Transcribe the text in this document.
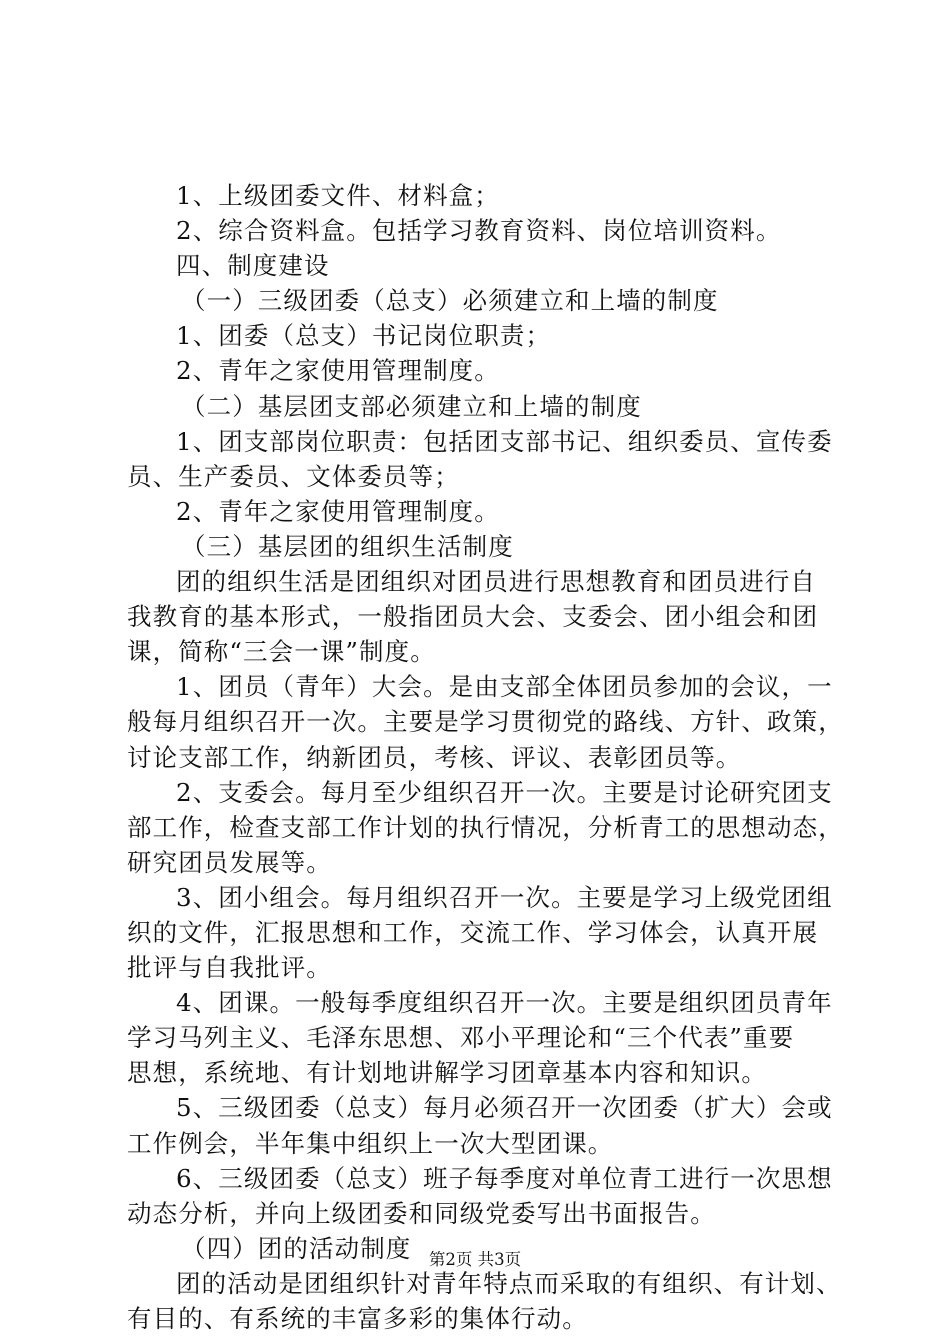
1、上级团委文件、材料盒；
2、综合资料盒。包括学习教育资料、岗位培训资料。
四、制度建设
（一）三级团委（总支）必须建立和上墙的制度
1、团委（总支）书记岗位职责；
2、青年之家使用管理制度。
（二）基层团支部必须建立和上墙的制度
1、团支部岗位职责：包括团支部书记、组织委员、宣传委
员、生产委员、文体委员等；
2、青年之家使用管理制度。
（三）基层团的组织生活制度
团的组织生活是团组织对团员进行思想教育和团员进行自
我教育的基本形式，一般指团员大会、支委会、团小组会和团
课，简称“三会一课”制度。
1、团员（青年）大会。是由支部全体团员参加的会议，一
般每月组织召开一次。主要是学习贯彻党的路线、方针、政策，
讨论支部工作，纳新团员，考核、评议、表彰团员等。
2、支委会。每月至少组织召开一次。主要是讨论研究团支
部工作，检查支部工作计划的执行情况，分析青工的思想动态，
研究团员发展等。
3、团小组会。每月组织召开一次。主要是学习上级党团组
织的文件，汇报思想和工作，交流工作、学习体会，认真开展
批评与自我批评。
4、团课。一般每季度组织召开一次。主要是组织团员青年
学习马列主义、毛泽东思想、邓小平理论和“三个代表”重要
思想，系统地、有计划地讲解学习团章基本内容和知识。
5、三级团委（总支）每月必须召开一次团委（扩大）会或
工作例会，半年集中组织上一次大型团课。
6、三级团委（总支）班子每季度对单位青工进行一次思想
动态分析，并向上级团委和同级党委写出书面报告。
（四）团的活动制度
团的活动是团组织针对青年特点而采取的有组织、有计划、
有目的、有系统的丰富多彩的集体行动。
第2页 共3页
